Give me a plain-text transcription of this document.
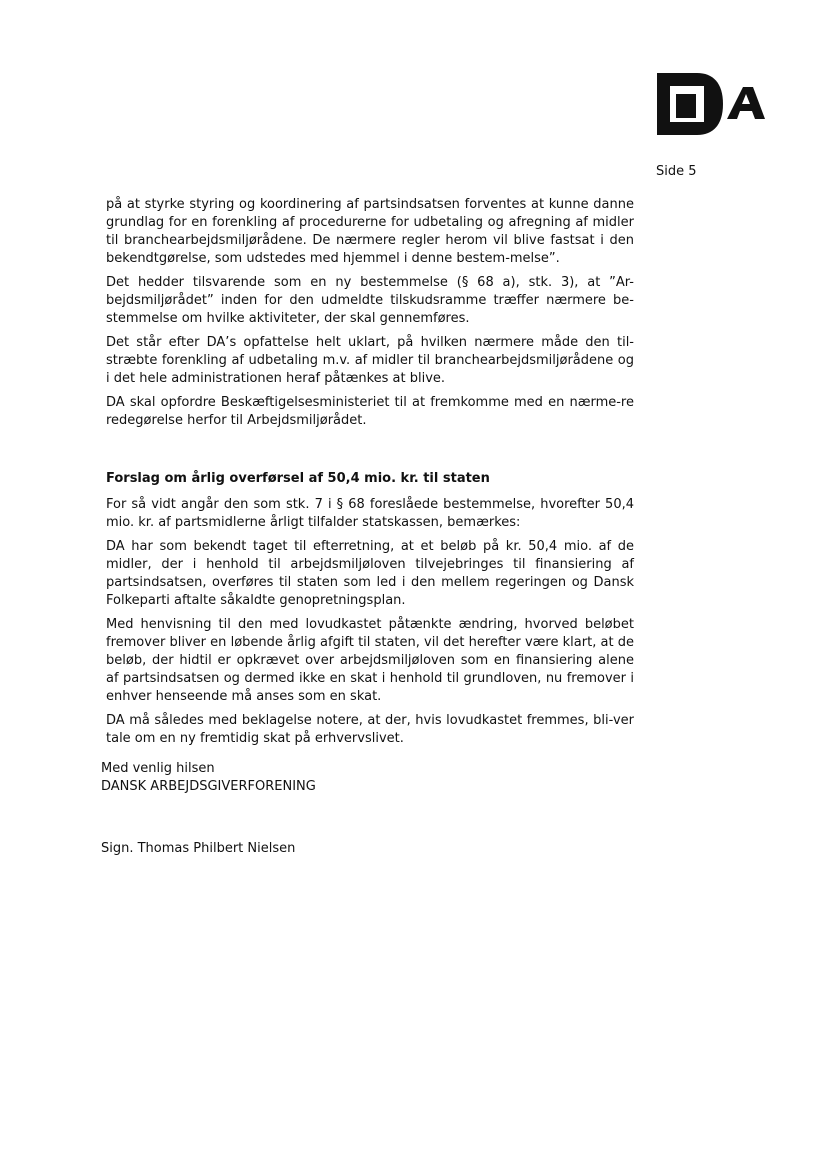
Side 5

på at styrke styring og koordinering af partsindsatsen forventes at kunne danne grundlag for en forenkling af procedurerne for udbetaling og afregning af midler til branchearbejdsmiljørådene. De nærmere regler herom vil blive fastsat i den bekendtgørelse, som udstedes med hjemmel i denne bestem-melse”.

Det hedder tilsvarende som en ny bestemmelse (§ 68 a), stk. 3), at ”Ar-bejdsmiljørådet” inden for den udmeldte tilskudsramme træffer nærmere be-stemmelse om hvilke aktiviteter, der skal gennemføres.

Det står efter DA’s opfattelse helt uklart, på hvilken nærmere måde den til-stræbte forenkling af udbetaling m.v. af midler til branchearbejdsmiljørådene og i det hele administrationen heraf påtænkes at blive.

DA skal opfordre Beskæftigelsesministeriet til at fremkomme med en nærme-re redegørelse herfor til Arbejdsmiljørådet.

Forslag om årlig overførsel af 50,4 mio. kr. til staten

For så vidt angår den som stk. 7 i § 68 foreslåede bestemmelse, hvorefter 50,4 mio. kr. af partsmidlerne årligt tilfalder statskassen, bemærkes:

DA har som bekendt taget til efterretning, at et beløb på kr. 50,4 mio. af de midler, der i henhold til arbejdsmiljøloven tilvejebringes til finansiering af partsindsatsen, overføres til staten som led i den mellem regeringen og Dansk Folkeparti aftalte såkaldte genopretningsplan.

Med henvisning til den med lovudkastet påtænkte ændring, hvorved beløbet fremover bliver en løbende årlig afgift til staten, vil det herefter være klart, at de beløb, der hidtil er opkrævet over arbejdsmiljøloven som en finansiering alene af partsindsatsen og dermed ikke en skat i henhold til grundloven, nu fremover i enhver henseende må anses som en skat.

DA må således med beklagelse notere, at der, hvis lovudkastet fremmes, bli-ver tale om en ny fremtidig skat på erhvervslivet.

Med venlig hilsen
DANSK ARBEJDSGIVERFORENING
Sign. Thomas Philbert Nielsen
